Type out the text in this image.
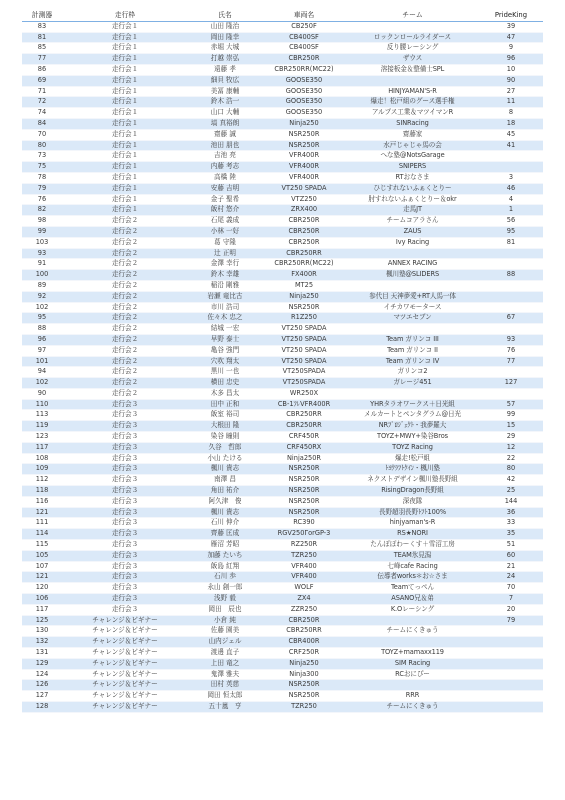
計測器	走行枠	氏名	車両名	チーム	PrideKing
83	走行会１	山田 隆治	CB250F		39
81	走行会１	岡田 隆幸	CB400SF	ロックンロールライダース	47
85	走行会１	赤堀 大城	CB400SF	反り腰レーシング	9
77	走行会１	打越 崇弘	CBR250R	ザウス	96
86	走行会１	遠藤 孝	CBR250RR(MC22)	溶接板金＆整備士SPL	10
69	走行会１	細貝 牧広	GOOSE350		90
71	走行会１	美冨 康輔	GOOSE350	HINJYAMAN'S-R	27
72	走行会１	鈴木 浩一	GOOSE350	爆走！松戸組のグース選手権	11
74	走行会１	山口 大輔	GOOSE350	アルプス工業＆マツイマンR	8
84	走行会１	塙 真裕朗	Ninja250	SINRacing	18
70	走行会１	齋藤 誠	NSR250R	齋藤家	45
80	走行会１	池田 朋也	NSR250R	水戸じゃじゃ馬の会	41
73	走行会１	吉池 亮	VFR400R	へな塾@NotsGarage	
75	走行会１	内藤 考志	VFR400R	SNIPERS	
78	走行会１	高橋 陸	VFR400R	RTおなさま	3
79	走行会１	安藤 吉明	VT250 SPADA	ひじすれないふぁくとりー	46
76	走行会１	金子 聖希	VTZ250	肘すれないふぁくとりー＆okr	4
82	走行会１	飯村 悠介	ZRX400	走馬JT	1
98	走行会２	石尾 義成	CBR250R	チームコアラさん	56
99	走行会２	小林 一好	CBR250R	ZAUS	95
103	走行会２	葛 守隆	CBR250R	Ivy Racing	81
93	走行会２	辻 正明	CBR250RR		
91	走行会２	金澤 幸行	CBR250RR(MC22)	ANNEX RACING	
100	走行会２	鈴木 幸雄	FX400R	楓川塾@SLIDERS	88
89	走行会２	稲沿 剛雅	MT25		
92	走行会２	岩瀬 竜比古	Ninja250	参代目 天神夢愛+RT人馬一体	
102	走行会２	市川 浩司	NSR250R	イチカワモータース	
95	走行会２	佐々木 忠之	R1Z250	マツエセブン	67
88	走行会２	結城 一宏	VT250 SPADA		
96	走行会２	早野 泰士	VT250 SPADA	Team ガリンコ III	93
97	走行会２	亀谷 強門	VT250 SPADA	Team ガリンコ II	76
101	走行会２	穴吹 翔太	VT250 SPADA	Team ガリンコ IV	77
94	走行会２	黒川 一也	VT250SPADA	ガリンコ2	
102	走行会２	横田 忠史	VT250SPADA	ガレージ451	127
90	走行会２	木多 昌太	WR250X		
110	走行会３	田中 正和	CB-1ﾌﾚVFR400R	YHRタラオワークス＋日光組	57
113	走行会３	飯室 裕司	CBR250RR	メルカートとペンタグラム@日光	99
119	走行会３	大根田 隆	CBR250RR	NRﾌﾟﾛｼﾞｪｸﾄ・我夢羅大	15
123	走行会３	染谷 瞳則	CRF450R	TOYZ+MWY+染谷Bros	29
117	走行会３	久谷　哲郎	CRF450RX	TOYZ Racing	12
108	走行会３	小山 たける	Ninja250R	爆走!松戸組	22
109	走行会３	楓川 貴志	NSR250R	ﾄﾖｸﾗﾌﾄｸｲﾝ・楓川塾	80
112	走行会３	南澤 昌	NSR250R	ネクストデザイン楓川塾長野組	42
118	走行会３	角田 祐介	NSR250R	RisingDragon長野組	25
116	走行会３	阿久津　俊	NSR250R	深夜隊	144
121	走行会３	楓川 貴志	NSR250R	長野超羽長野ﾄﾌﾄ100%	36
111	走行会３	石川 伸介	RC390	hinjyaman's-R	33
114	走行会３	齊藤 匡成	RGV250ΓorGP-3	RS★NORI	35
115	走行会３	雁沼 芳昭	RZ250R	たんぽぽわーくす＋雪沼工房	51
105	走行会３	加藤 たいち	TZR250	TEAM氷見潟	60
107	走行会３	飯島 紅翔	VFR400	七峰cafe Racing	21
121	走行会３	石川 歩	VFR400	伝導者works＊お☆さま	24
120	走行会３	永山 創一郎	WOLF	Teamてっぺん	70
106	走行会３	浅野 毅	ZX4	ASANO兄＆弟	7
117	走行会３	岡田　辰也	ZZR250	K.Oレーシング	20
125	チャレンジ＆ビギナー	小倉 純	CBR250R		79
130	チャレンジ＆ビギナー	佐藤 園美	CBR250RR	チームにくきゅう	
132	チャレンジ＆ビギナー	山内ジェル	CBR400R		
131	チャレンジ＆ビギナー	渡邊 直子	CRF250R	TOYZ+mamaxx119	
129	チャレンジ＆ビギナー	上田 竜之	Ninja250	SIM Racing	
124	チャレンジ＆ビギナー	鬼澤 雅夫	Ninja300	RCおにぴー	
126	チャレンジ＆ビギナー	田村 英慈	NSR250R		
127	チャレンジ＆ビギナー	岡田 恒太郎	NSR250R	RRR	
128	チャレンジ＆ビギナー	五十嵐　亨	TZR250	チームにくきゅう	
